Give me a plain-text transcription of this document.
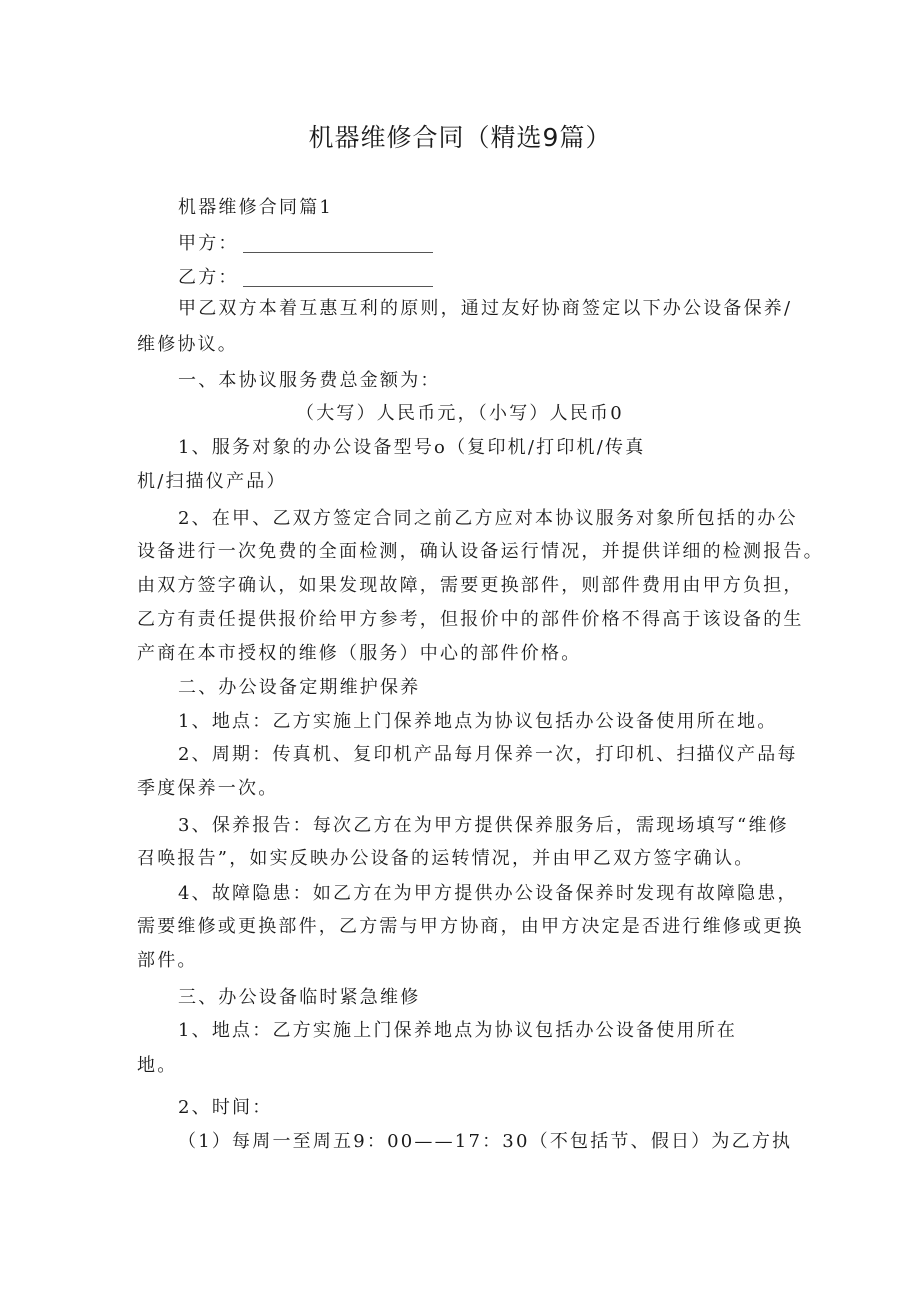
机器维修合同（精选9篇）
机器维修合同篇1
甲方：
乙方：
甲乙双方本着互惠互利的原则，通过友好协商签定以下办公设备保养/
维修协议。
一、本协议服务费总金额为：
（大写）人民币元，（小写）人民币0
1、服务对象的办公设备型号o（复印机/打印机/传真
机/扫描仪产品）
2、在甲、乙双方签定合同之前乙方应对本协议服务对象所包括的办公
设备进行一次免费的全面检测，确认设备运行情况，并提供详细的检测报告。
由双方签字确认，如果发现故障，需要更换部件，则部件费用由甲方负担，
乙方有责任提供报价给甲方参考，但报价中的部件价格不得高于该设备的生
产商在本市授权的维修（服务）中心的部件价格。
二、办公设备定期维护保养
1、地点：乙方实施上门保养地点为协议包括办公设备使用所在地。
2、周期：传真机、复印机产品每月保养一次，打印机、扫描仪产品每
季度保养一次。
3、保养报告：每次乙方在为甲方提供保养服务后，需现场填写“维修
召唤报告”，如实反映办公设备的运转情况，并由甲乙双方签字确认。
4、故障隐患：如乙方在为甲方提供办公设备保养时发现有故障隐患，
需要维修或更换部件，乙方需与甲方协商，由甲方决定是否进行维修或更换
部件。
三、办公设备临时紧急维修
1、地点：乙方实施上门保养地点为协议包括办公设备使用所在
地。
2、时间：
（1）每周一至周五9：00——17：30（不包括节、假日）为乙方执
